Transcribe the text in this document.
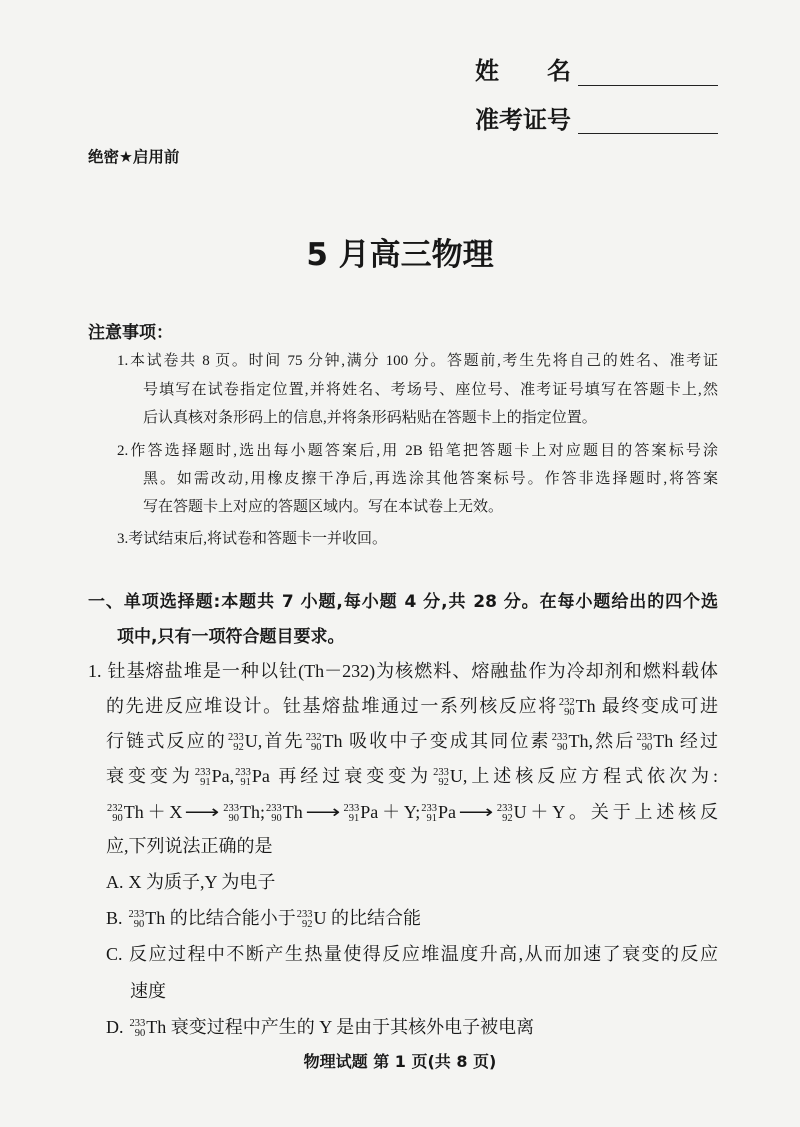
姓　　名
准考证号
绝密★启用前
5 月高三物理
注意事项：
1.本试卷共 8 页。时间 75 分钟,满分 100 分。答题前,考生先将自己的姓名、准考证
号填写在试卷指定位置,并将姓名、考场号、座位号、准考证号填写在答题卡上,然
后认真核对条形码上的信息,并将条形码粘贴在答题卡上的指定位置。
2.作答选择题时,选出每小题答案后,用 2B 铅笔把答题卡上对应题目的答案标号涂
黑。如需改动,用橡皮擦干净后,再选涂其他答案标号。作答非选择题时,将答案
写在答题卡上对应的答题区域内。写在本试卷上无效。
3.考试结束后,将试卷和答题卡一并收回。
一、单项选择题:本题共 7 小题,每小题 4 分,共 28 分。在每小题给出的四个选
项中,只有一项符合题目要求。
1. 钍基熔盐堆是一种以钍(Th－232)为核燃料、熔融盐作为冷却剂和燃料载体
的先进反应堆设计。钍基熔盐堆通过一系列核反应将 232
90 Th 最终变成可进
行链式反应的 233
92 U,首先 232
90 Th 吸收中子变成其同位素 233
90 Th,然后 233
90 Th 经过
衰变变为 233
91 Pa, 233
91 Pa 再经过衰变变为 233
92 U,上述核反应方程式依次为:
232
90 Th＋X ⟶ 233
90 Th; 233
90 Th ⟶ 233
91 Pa＋Y; 233
91 Pa ⟶ 233
92 U＋Y。关于上述核反
应,下列说法正确的是
A. X 为质子,Y 为电子
B. 233
90 Th 的比结合能小于 233
92 U 的比结合能
C. 反应过程中不断产生热量使得反应堆温度升高,从而加速了衰变的反应
速度
D. 233
90 Th 衰变过程中产生的 Y 是由于其核外电子被电离
物理试题 第 1 页(共 8 页)
